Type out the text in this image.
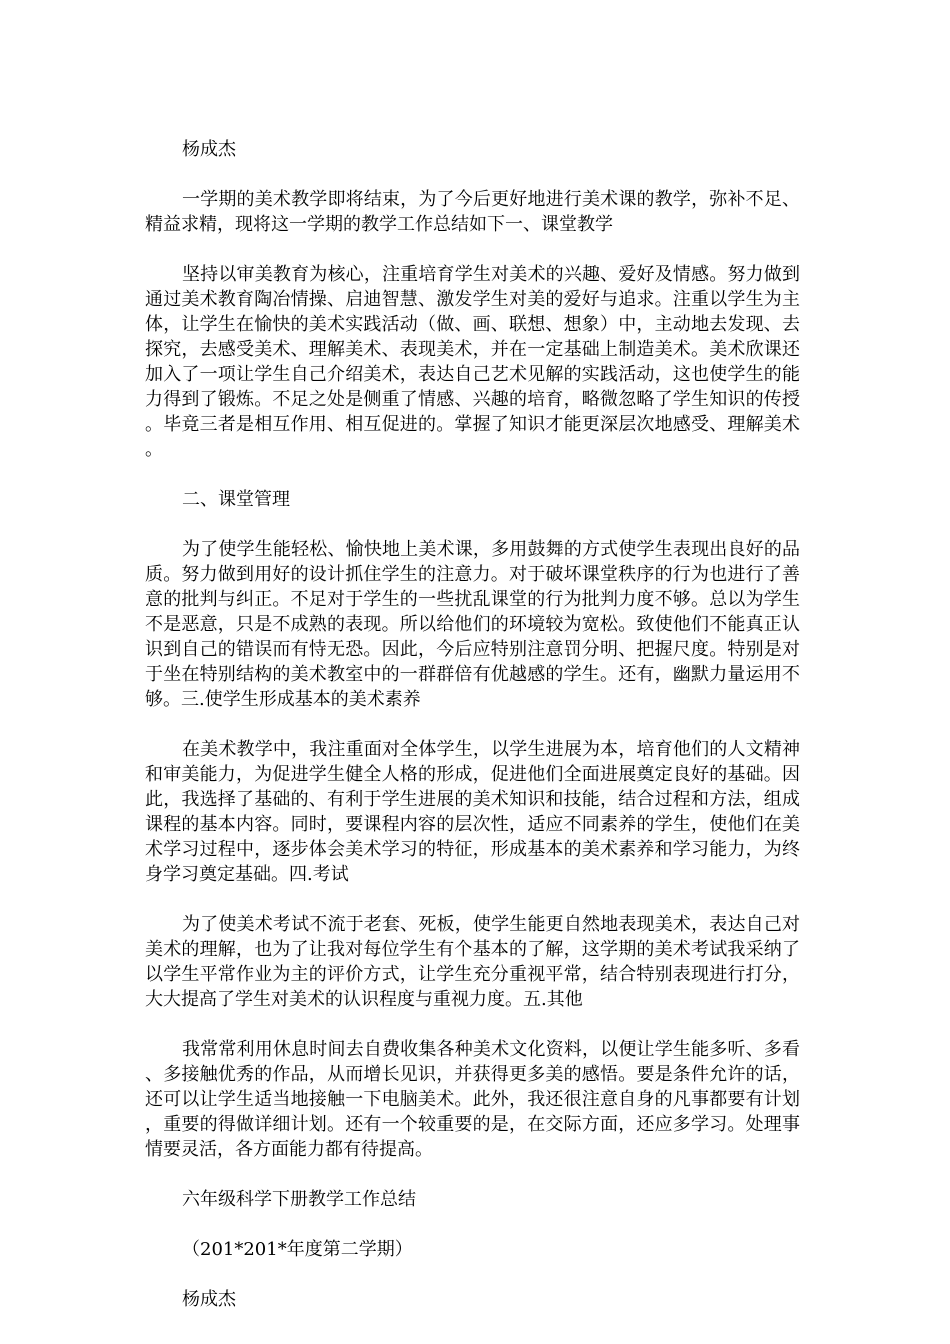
杨成杰

一学期的美术教学即将结束，为了今后更好地进行美术课的教学，弥补不足、精益求精，现将这一学期的教学工作总结如下一、课堂教学

坚持以审美教育为核心，注重培育学生对美术的兴趣、爱好及情感。努力做到通过美术教育陶冶情操、启迪智慧、激发学生对美的爱好与追求。注重以学生为主体，让学生在愉快的美术实践活动（做、画、联想、想象）中，主动地去发现、去探究，去感受美术、理解美术、表现美术，并在一定基础上制造美术。美术欣课还加入了一项让学生自己介绍美术，表达自己艺术见解的实践活动，这也使学生的能力得到了锻炼。不足之处是侧重了情感、兴趣的培育，略微忽略了学生知识的传授。毕竟三者是相互作用、相互促进的。掌握了知识才能更深层次地感受、理解美术。

二、课堂管理

为了使学生能轻松、愉快地上美术课，多用鼓舞的方式使学生表现出良好的品质。努力做到用好的设计抓住学生的注意力。对于破坏课堂秩序的行为也进行了善意的批判与纠正。不足对于学生的一些扰乱课堂的行为批判力度不够。总以为学生不是恶意，只是不成熟的表现。所以给他们的环境较为宽松。致使他们不能真正认识到自己的错误而有恃无恐。因此，今后应特别注意罚分明、把握尺度。特别是对于坐在特别结构的美术教室中的一群群倍有优越感的学生。还有，幽默力量运用不够。三.使学生形成基本的美术素养

在美术教学中，我注重面对全体学生，以学生进展为本，培育他们的人文精神和审美能力，为促进学生健全人格的形成，促进他们全面进展奠定良好的基础。因此，我选择了基础的、有利于学生进展的美术知识和技能，结合过程和方法，组成课程的基本内容。同时，要课程内容的层次性，适应不同素养的学生，使他们在美术学习过程中，逐步体会美术学习的特征，形成基本的美术素养和学习能力，为终身学习奠定基础。四.考试

为了使美术考试不流于老套、死板，使学生能更自然地表现美术，表达自己对美术的理解，也为了让我对每位学生有个基本的了解，这学期的美术考试我采纳了以学生平常作业为主的评价方式，让学生充分重视平常，结合特别表现进行打分，大大提高了学生对美术的认识程度与重视力度。五.其他

我常常利用休息时间去自费收集各种美术文化资料，以便让学生能多听、多看、多接触优秀的作品，从而增长见识，并获得更多美的感悟。要是条件允许的话，还可以让学生适当地接触一下电脑美术。此外，我还很注意自身的凡事都要有计划，重要的得做详细计划。还有一个较重要的是，在交际方面，还应多学习。处理事情要灵活，各方面能力都有待提高。

六年级科学下册教学工作总结

（201*201*年度第二学期）

杨成杰
